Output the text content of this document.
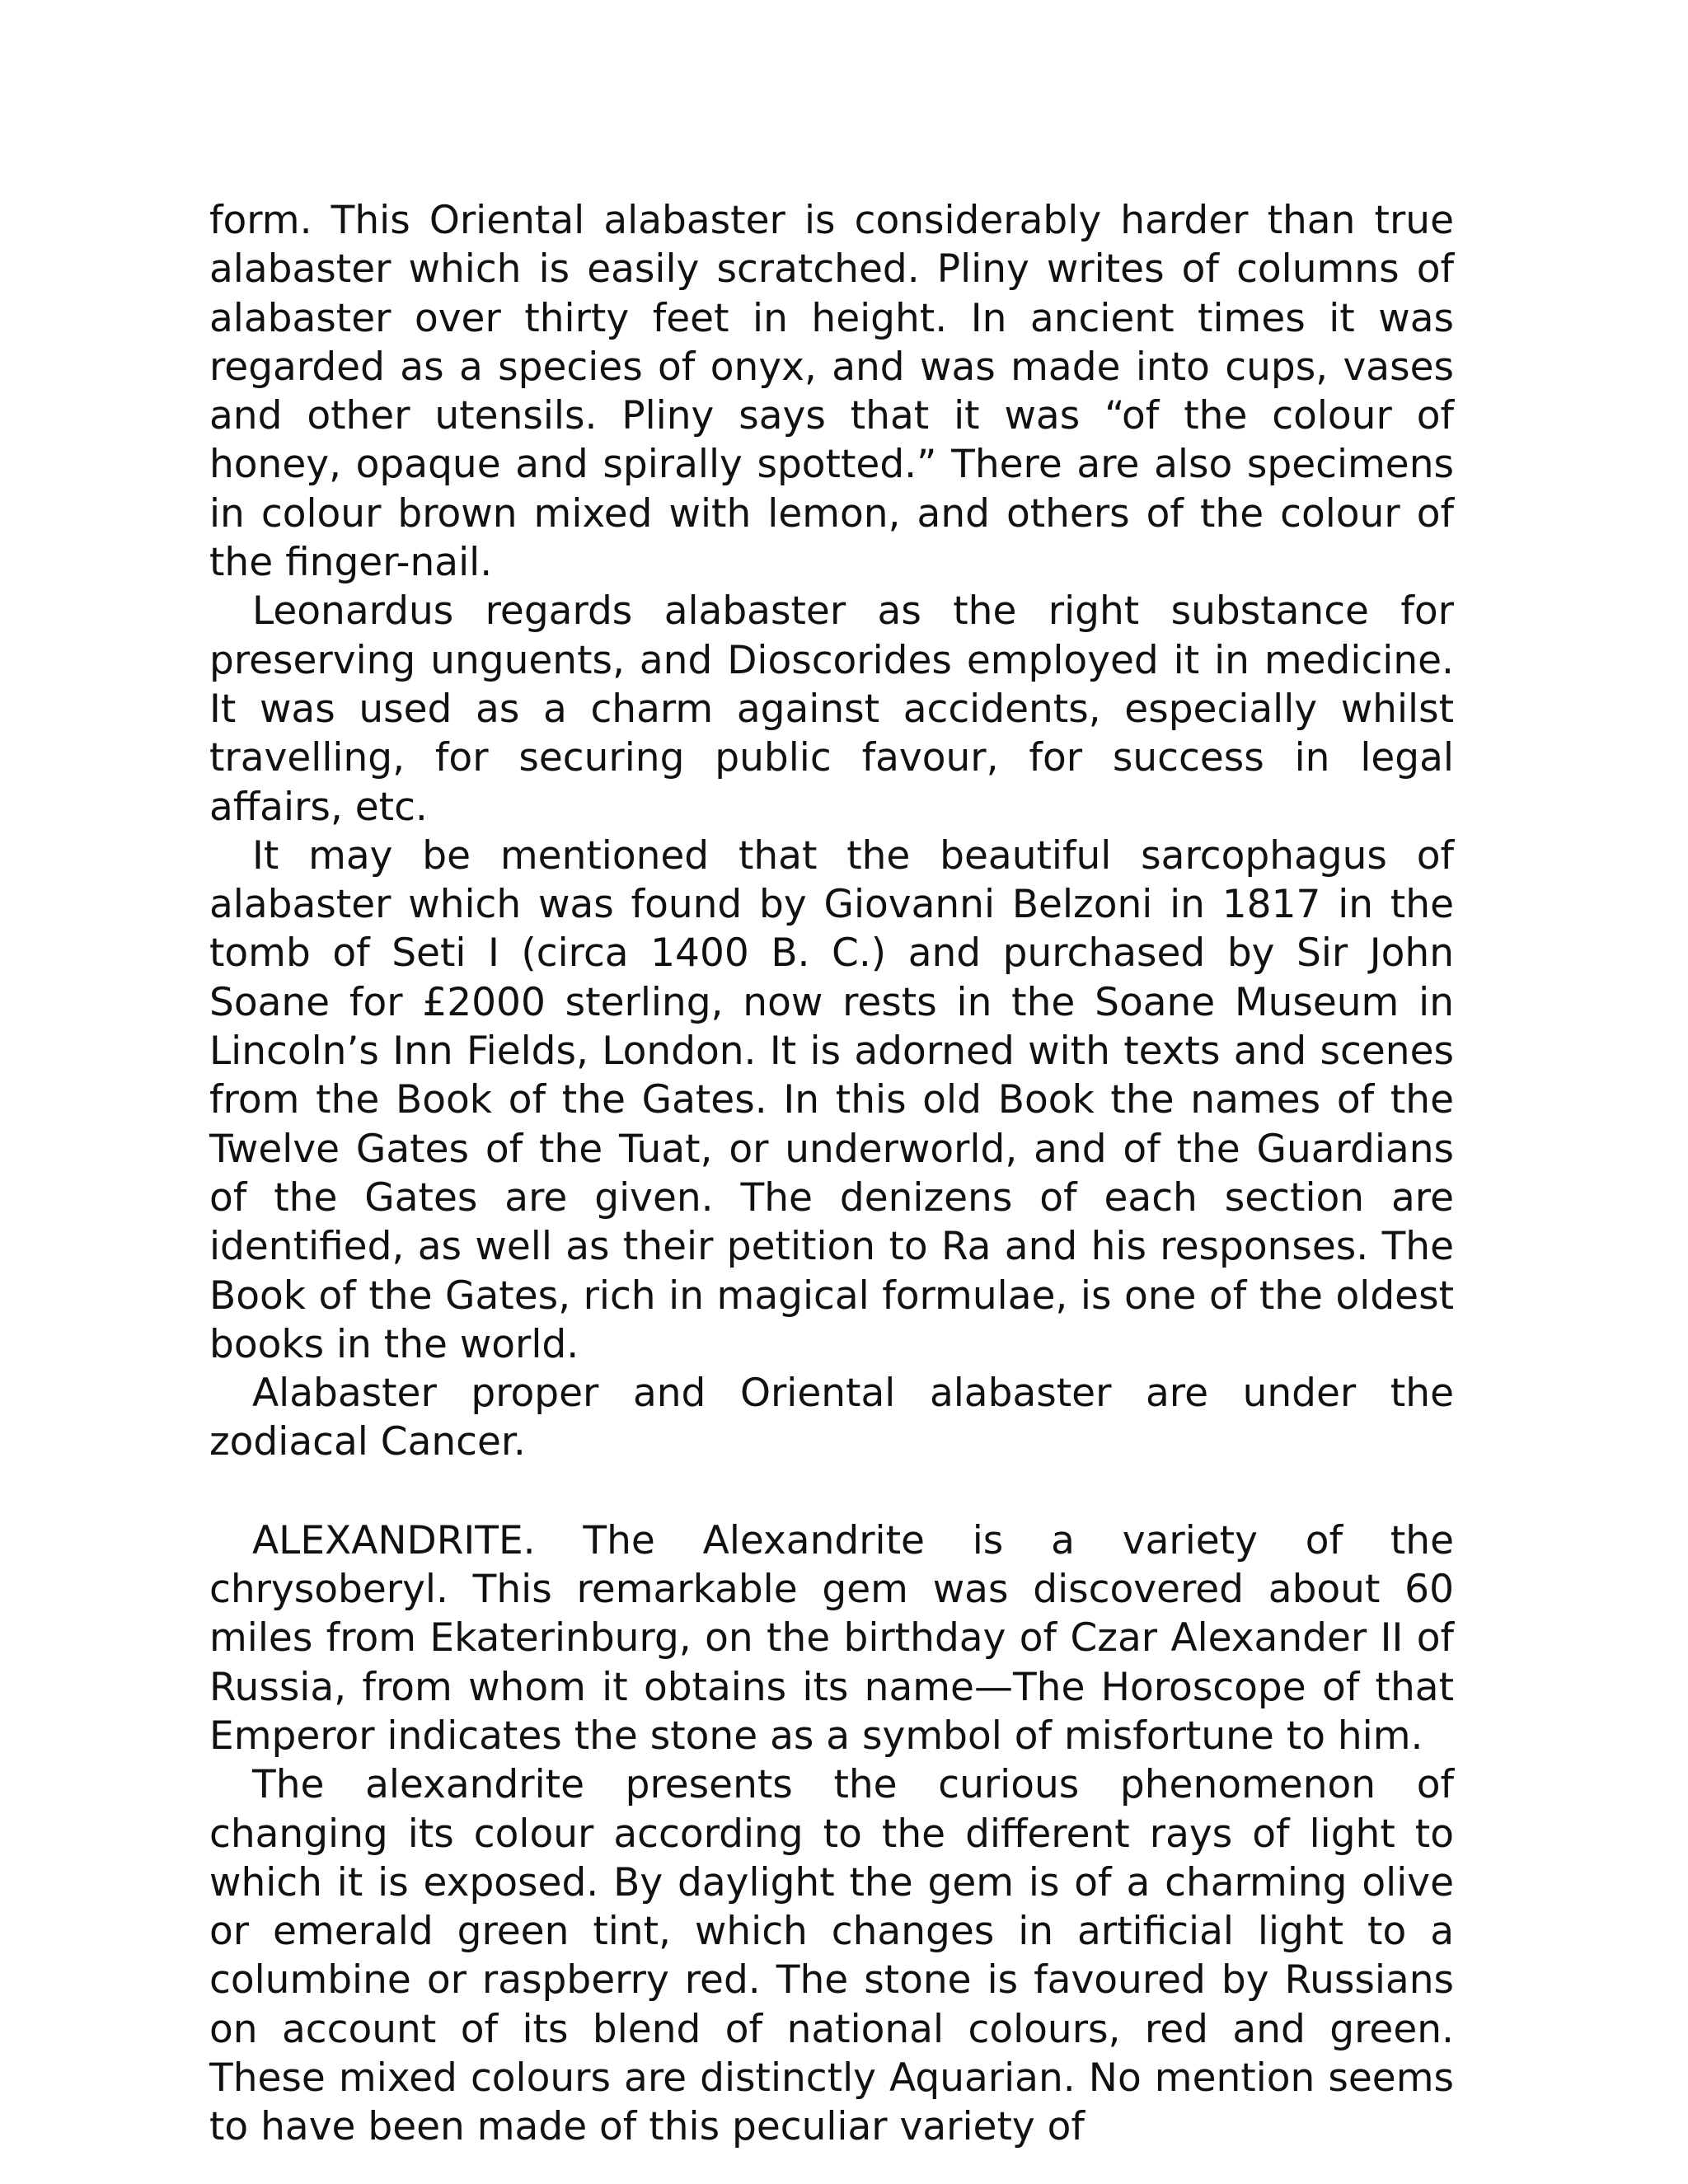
form. This Oriental alabaster is considerably harder than true alabaster which is easily scratched. Pliny writes of columns of alabaster over thirty feet in height. In ancient times it was regarded as a species of onyx, and was made into cups, vases and other utensils. Pliny says that it was “of the colour of honey, opaque and spirally spotted.” There are also specimens in colour brown mixed with lemon, and others of the colour of the finger-nail.

Leonardus regards alabaster as the right substance for preserving unguents, and Dioscorides employed it in medicine. It was used as a charm against accidents, especially whilst travelling, for securing public favour, for success in legal affairs, etc.

It may be mentioned that the beautiful sarcophagus of alabaster which was found by Giovanni Belzoni in 1817 in the tomb of Seti I (circa 1400 B. C.) and purchased by Sir John Soane for £2000 sterling, now rests in the Soane Museum in Lincoln’s Inn Fields, London. It is adorned with texts and scenes from the Book of the Gates. In this old Book the names of the Twelve Gates of the Tuat, or underworld, and of the Guardians of the Gates are given. The denizens of each section are identified, as well as their petition to Ra and his responses. The Book of the Gates, rich in magical formulae, is one of the oldest books in the world.

Alabaster proper and Oriental alabaster are under the zodiacal Cancer.

ALEXANDRITE. The Alexandrite is a variety of the chrysoberyl. This remarkable gem was discovered about 60 miles from Ekaterinburg, on the birthday of Czar Alexander II of Russia, from whom it obtains its name—The Horoscope of that Emperor indicates the stone as a symbol of misfortune to him.

The alexandrite presents the curious phenomenon of changing its colour according to the different rays of light to which it is exposed. By daylight the gem is of a charming olive or emerald green tint, which changes in artificial light to a columbine or raspberry red. The stone is favoured by Russians on account of its blend of national colours, red and green. These mixed colours are distinctly Aquarian. No mention seems to have been made of this peculiar variety of
